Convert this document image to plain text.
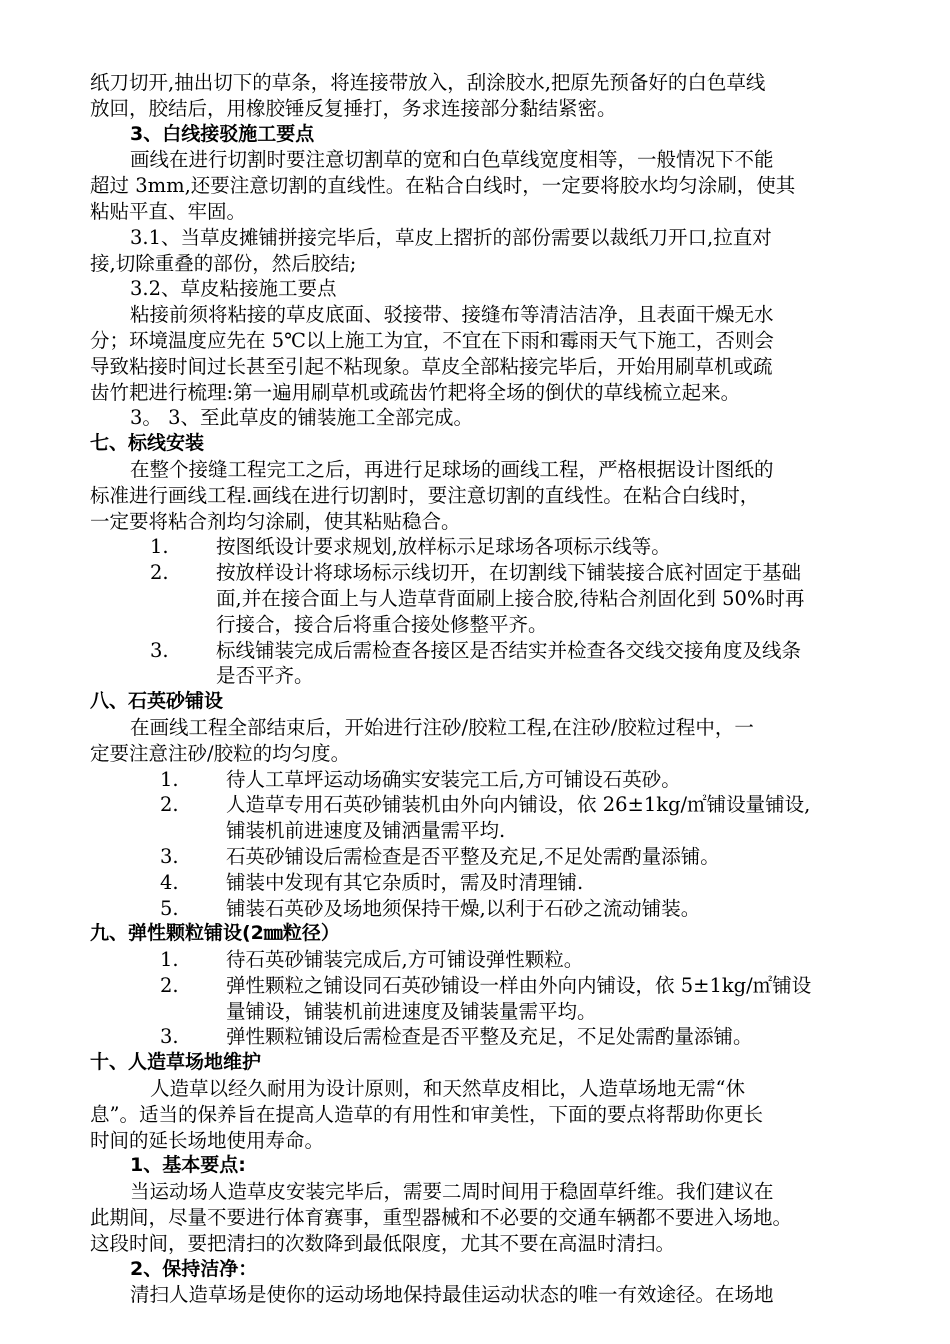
纸刀切开,抽出切下的草条，将连接带放入，刮涂胶水,把原先预备好的白色草线
放回，胶结后，用橡胶锤反复捶打，务求连接部分黏结紧密。
3、白线接驳施工要点
画线在进行切割时要注意切割草的宽和白色草线宽度相等，一般情况下不能
超过 3mm,还要注意切割的直线性。在粘合白线时，一定要将胶水均匀涂刷，使其
粘贴平直、牢固。
3.1、当草皮摊铺拼接完毕后，草皮上摺折的部份需要以裁纸刀开口,拉直对
接,切除重叠的部份，然后胶结;
3.2、草皮粘接施工要点
粘接前须将粘接的草皮底面、驳接带、接缝布等清洁洁净，且表面干燥无水
分；环境温度应先在 5℃以上施工为宜，不宜在下雨和霉雨天气下施工，否则会
导致粘接时间过长甚至引起不粘现象。草皮全部粘接完毕后，开始用刷草机或疏
齿竹耙进行梳理:第一遍用刷草机或疏齿竹耙将全场的倒伏的草线梳立起来。
3。 3、至此草皮的铺装施工全部完成。
七、标线安装
在整个接缝工程完工之后，再进行足球场的画线工程，严格根据设计图纸的
标准进行画线工程.画线在进行切割时，要注意切割的直线性。在粘合白线时，
一定要将粘合剂均匀涂刷，使其粘贴稳合。
1.	按图纸设计要求规划,放样标示足球场各项标示线等。
2.	按放样设计将球场标示线切开，在切割线下铺装接合底衬固定于基础
面,并在接合面上与人造草背面刷上接合胶,待粘合剂固化到 50%时再
行接合，接合后将重合接处修整平齐。
3.	标线铺装完成后需检查各接区是否结实并检查各交线交接角度及线条
是否平齐。
八、石英砂铺设
在画线工程全部结束后，开始进行注砂/胶粒工程,在注砂/胶粒过程中，一
定要注意注砂/胶粒的均匀度。
1.	待人工草坪运动场确实安装完工后,方可铺设石英砂。
2.	人造草专用石英砂铺装机由外向内铺设，依 26±1kg/㎡铺设量铺设,
铺装机前进速度及铺洒量需平均.
3.	石英砂铺设后需检查是否平整及充足,不足处需酌量添铺。
4.	铺装中发现有其它杂质时，需及时清理铺.
5.	铺装石英砂及场地须保持干燥,以利于石砂之流动铺装。
九、弹性颗粒铺设(2㎜粒径）
1.	待石英砂铺装完成后,方可铺设弹性颗粒。
2.	弹性颗粒之铺设同石英砂铺设一样由外向内铺设，依 5±1kg/㎡铺设
量铺设，铺装机前进速度及铺装量需平均。
3.	弹性颗粒铺设后需检查是否平整及充足，不足处需酌量添铺。
十、人造草场地维护
人造草以经久耐用为设计原则，和天然草皮相比，人造草场地无需“休
息”。适当的保养旨在提高人造草的有用性和审美性，下面的要点将帮助你更长
时间的延长场地使用寿命。
1、基本要点:
当运动场人造草皮安装完毕后，需要二周时间用于稳固草纤维。我们建议在
此期间，尽量不要进行体育赛事，重型器械和不必要的交通车辆都不要进入场地。
这段时间，要把清扫的次数降到最低限度，尤其不要在高温时清扫。
2、保持洁净：
清扫人造草场是使你的运动场地保持最佳运动状态的唯一有效途径。在场地
